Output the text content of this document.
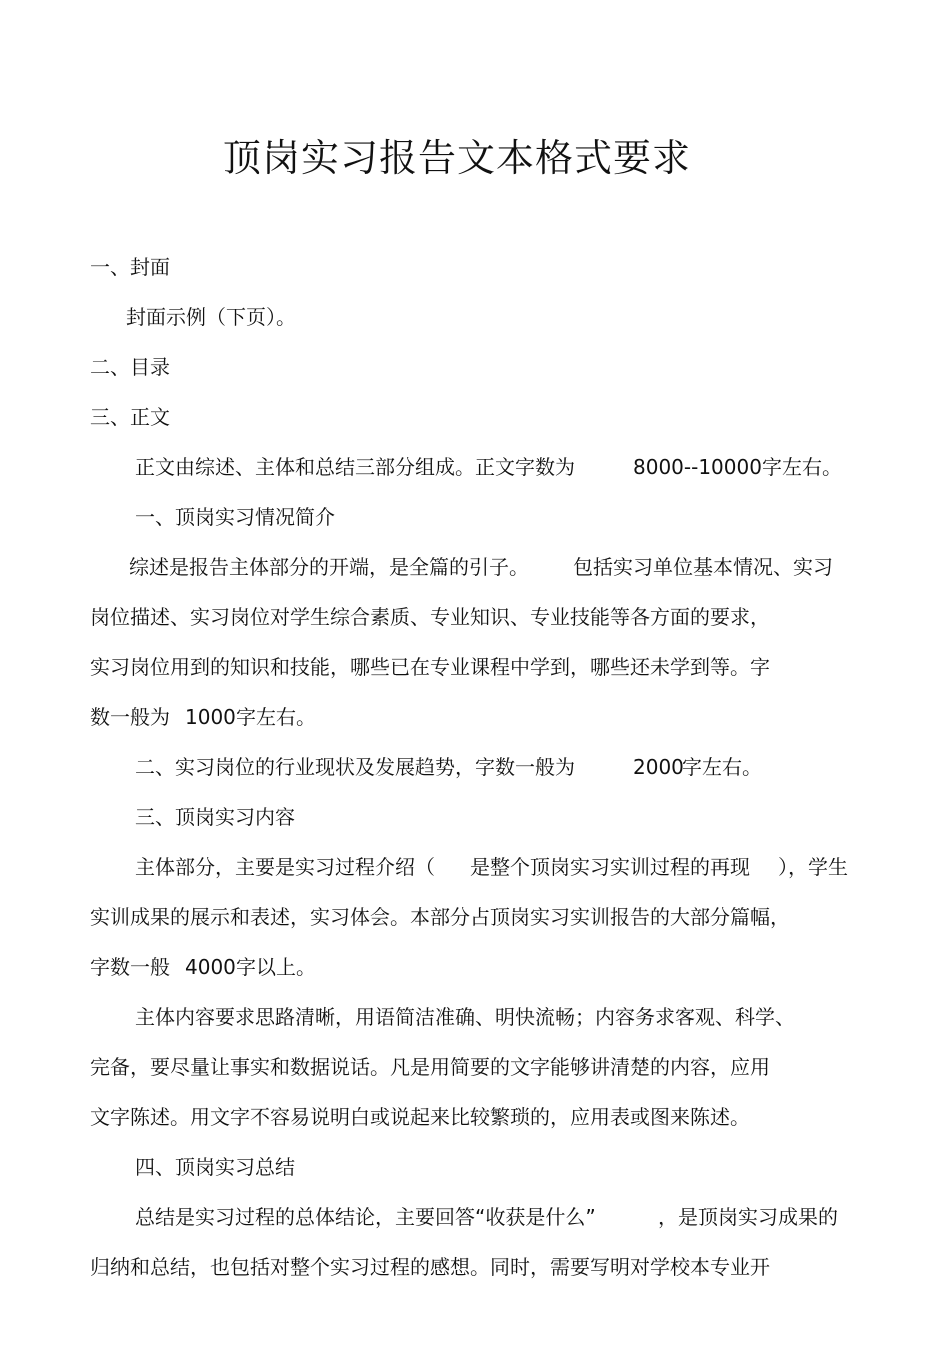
顶岗实习报告文本格式要求
一、封面
封面示例（下页）。
二、目录
三、正文
正文由综述、主体和总结三部分组成。正文字数为	8000--10000 字左右。
一、顶岗实习情况简介
综述是报告主体部分的开端，是全篇的引子。 包括实习单位基本情况、实习
岗位描述、实习岗位对学生综合素质、专业知识、专业技能等各方面的要求，
实习岗位用到的知识和技能，哪些已在专业课程中学到，哪些还未学到等。字
数一般为 1000 字左右。
二、实习岗位的行业现状及发展趋势，字数一般为	2000
字左右。
三、顶岗实习内容
主体部分，主要是实习过程介绍（ 是整个顶岗实习实训过程的再现 ），学生
实训成果的展示和表述，实习体会。本部分占顶岗实习实训报告的大部分篇幅，
字数一般 4000 字以上。
主体内容要求思路清晰，用语简洁准确、明快流畅；内容务求客观、科学、
完备，要尽量让事实和数据说话。凡是用简要的文字能够讲清楚的内容，应用
文字陈述。用文字不容易说明白或说起来比较繁琐的，应用表或图来陈述。
四、顶岗实习总结
总结是实习过程的总体结论，主要回答“收获是什么”	，是顶岗实习成果的
归纳和总结，也包括对整个实习过程的感想。同时，需要写明对学校本专业开
